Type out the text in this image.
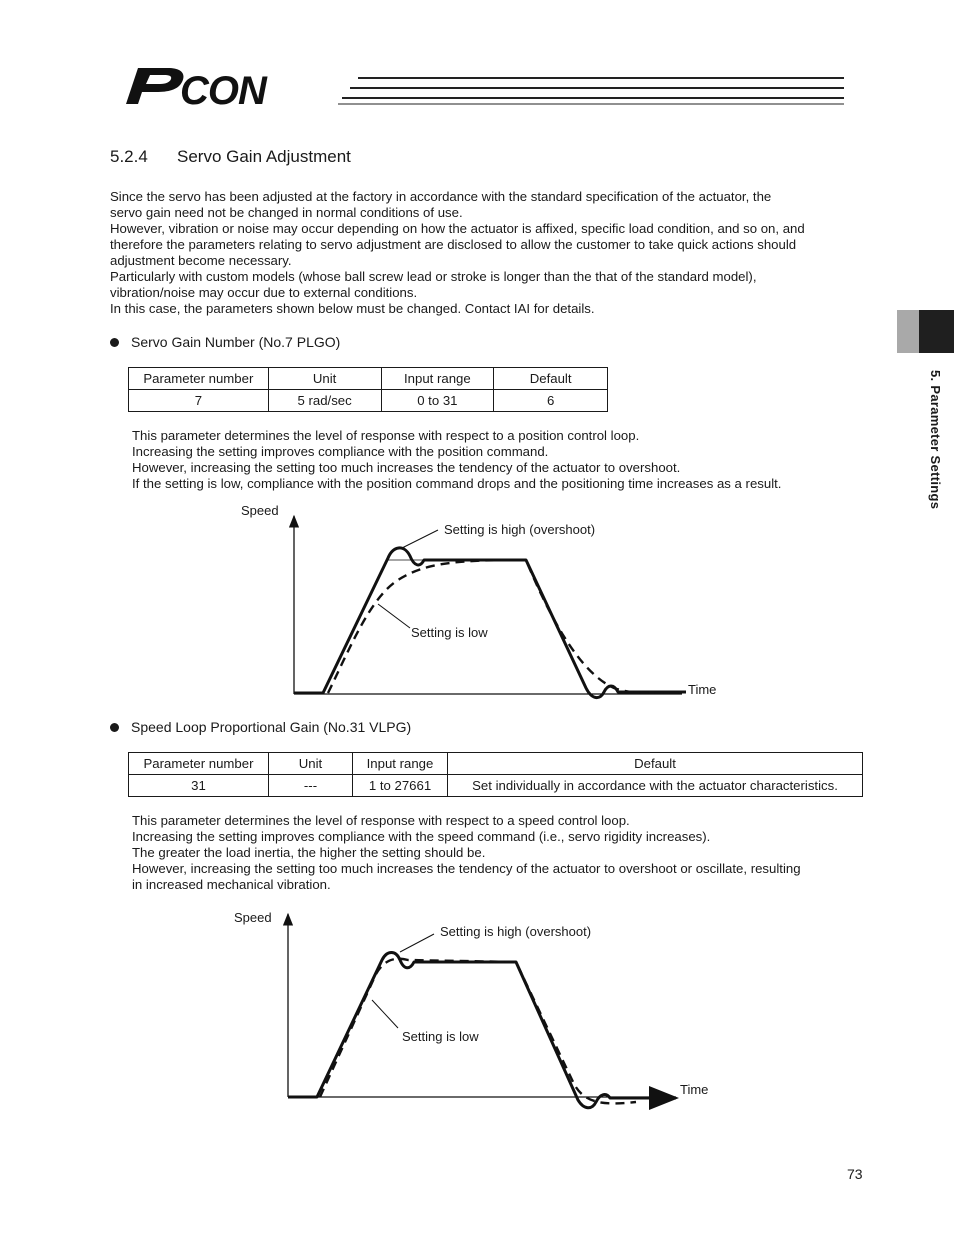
CON
5.2.4 Servo Gain Adjustment
Since the servo has been adjusted at the factory in accordance with the standard specification of the actuator, the
servo gain need not be changed in normal conditions of use.
However, vibration or noise may occur depending on how the actuator is affixed, specific load condition, and so on, and
therefore the parameters relating to servo adjustment are disclosed to allow the customer to take quick actions should
adjustment become necessary.
Particularly with custom models (whose ball screw lead or stroke is longer than the that of the standard model),
vibration/noise may occur due to external conditions.
In this case, the parameters shown below must be changed. Contact IAI for details.
Servo Gain Number (No.7 PLGO)
Parameter number	Unit	Input range	Default
7	5 rad/sec	0 to 31	6
This parameter determines the level of response with respect to a position control loop.
Increasing the setting improves compliance with the position command.
However, increasing the setting too much increases the tendency of the actuator to overshoot.
If the setting is low, compliance with the position command drops and the positioning time increases as a result.
Speed
Time
Setting is high (overshoot)
Setting is low
Speed Loop Proportional Gain (No.31 VLPG)
Parameter number	Unit	Input range	Default
31	---	1 to 27661	Set individually in accordance with the actuator characteristics.
This parameter determines the level of response with respect to a speed control loop.
Increasing the setting improves compliance with the speed command (i.e., servo rigidity increases).
The greater the load inertia, the higher the setting should be.
However, increasing the setting too much increases the tendency of the actuator to overshoot or oscillate, resulting
in increased mechanical vibration.
Speed
Time
Setting is high (overshoot)
Setting is low
5. Parameter Settings
73
